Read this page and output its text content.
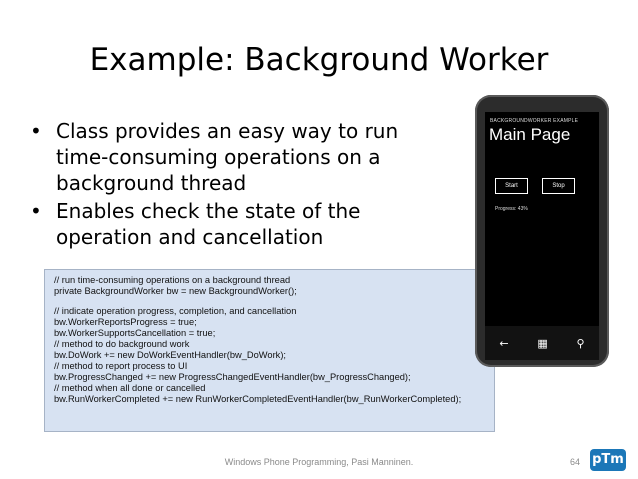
Example: Background Worker
• Class provides an easy way to run time-consuming operations on a background thread
• Enables check the state of the operation and cancellation
// run time-consuming operations on a background thread
private BackgroundWorker bw = new BackgroundWorker();
// indicate operation progress, completion, and cancellation
bw.WorkerReportsProgress = true;
bw.WorkerSupportsCancellation = true;
// method to do background work
bw.DoWork += new DoWorkEventHandler(bw_DoWork);
// method to report process to UI
bw.ProgressChanged += new ProgressChangedEventHandler(bw_ProgressChanged);
// method when all done or cancelled
bw.RunWorkerCompleted += new RunWorkerCompletedEventHandler(bw_RunWorkerCompleted);
BACKGROUNDWORKER EXAMPLE
Main Page
Start	Stop
Progress: 43%
←	▦	⚲
Windows Phone Programming, Pasi Manninen.	64 pTm
